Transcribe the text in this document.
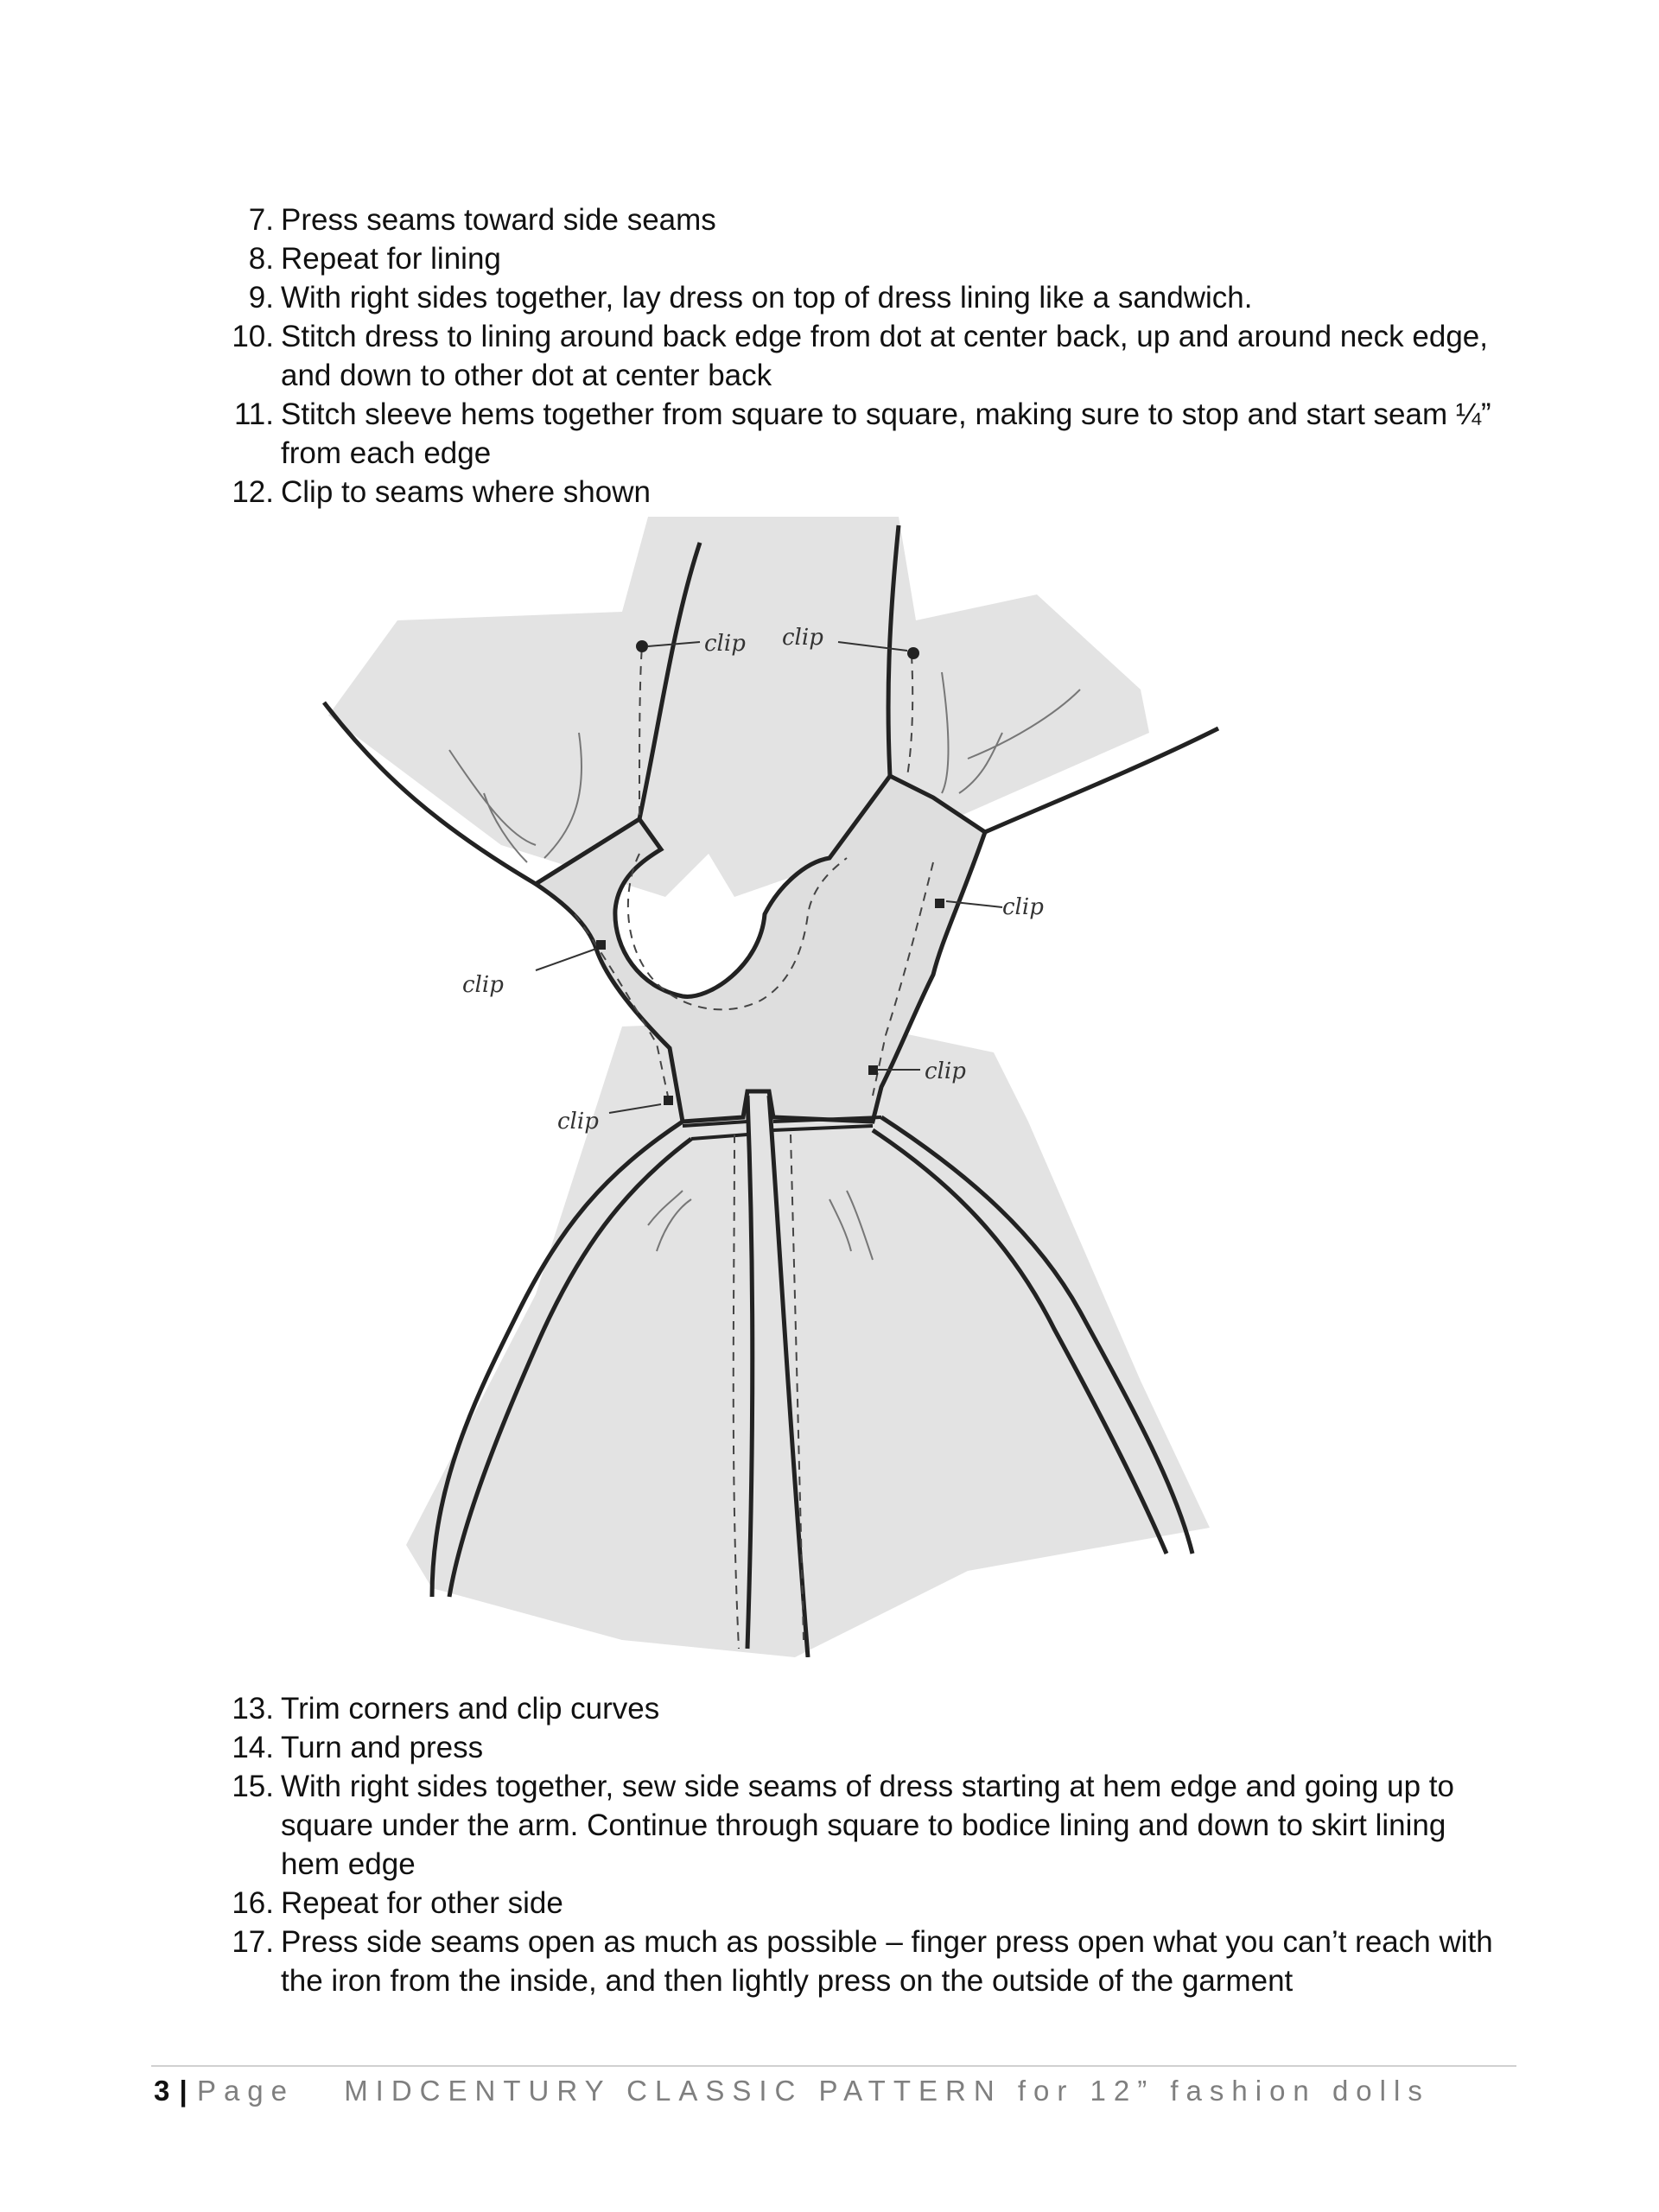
7. Press seams toward side seams
8. Repeat for lining
9. With right sides together, lay dress on top of dress lining like a sandwich.
10. Stitch dress to lining around back edge from dot at center back, up and around neck edge, and down to other dot at center back
11. Stitch sleeve hems together from square to square, making sure to stop and start seam ¼” from each edge
12. Clip to seams where shown
clip clip
clip
clip
clip
clip
13. Trim corners and clip curves
14. Turn and press
15. With right sides together, sew side seams of dress starting at hem edge and going up to square under the arm. Continue through square to bodice lining and down to skirt lining hem edge
16. Repeat for other side
17. Press side seams open as much as possible – finger press open what you can’t reach with the iron from the inside, and then lightly press on the outside of the garment
3 | Page MIDCENTURY CLASSIC PATTERN for 12” fashion dolls
